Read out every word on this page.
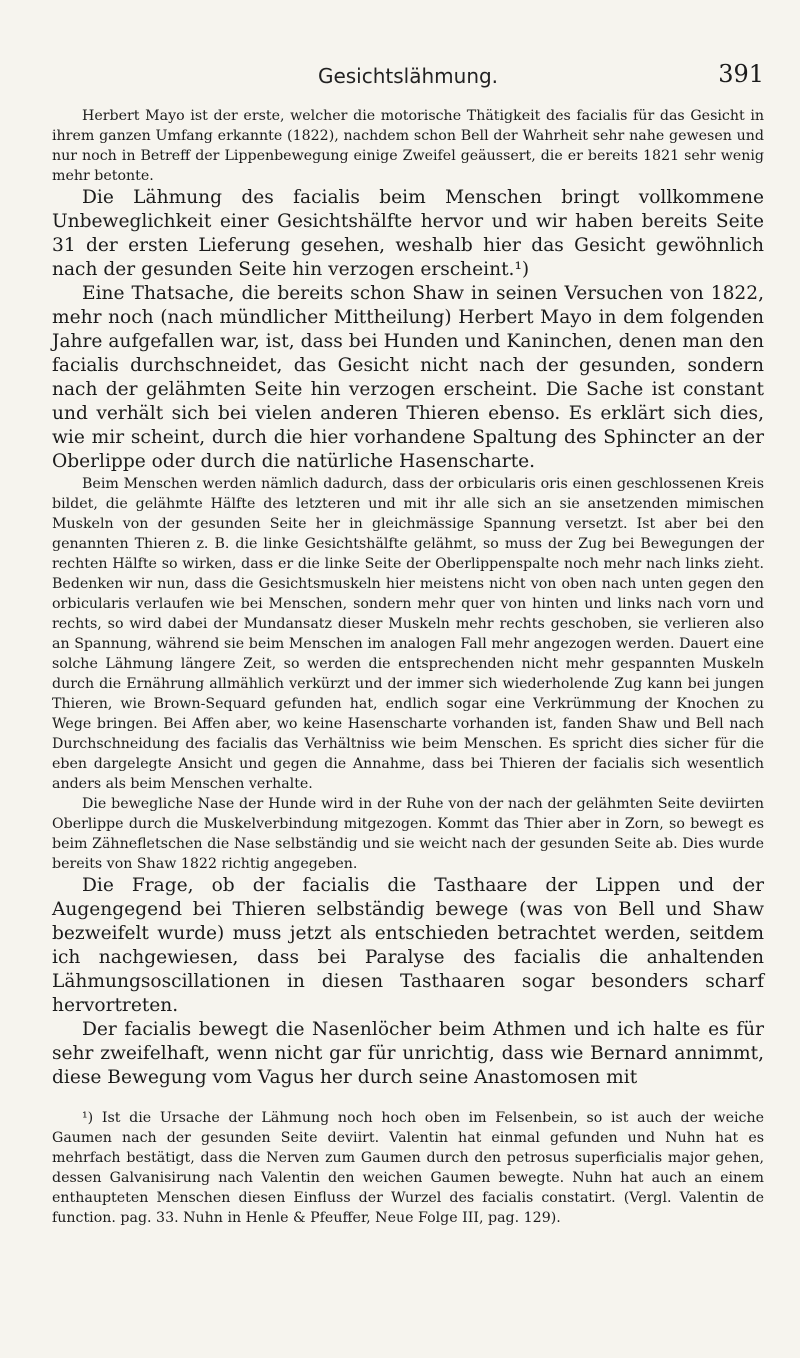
Gesichtslähmung.	391

Herbert Mayo ist der erste, welcher die motorische Thätigkeit des facialis für das Gesicht in ihrem ganzen Umfang erkannte (1822), nachdem schon Bell der Wahrheit sehr nahe gewesen und nur noch in Betreff der Lippenbewegung einige Zweifel geäussert, die er bereits 1821 sehr wenig mehr betonte.

Die Lähmung des facialis beim Menschen bringt vollkommene Unbeweglichkeit einer Gesichtshälfte hervor und wir haben bereits Seite 31 der ersten Lieferung gesehen, weshalb hier das Gesicht gewöhnlich nach der gesunden Seite hin verzogen erscheint.¹)

Eine Thatsache, die bereits schon Shaw in seinen Versuchen von 1822, mehr noch (nach mündlicher Mittheilung) Herbert Mayo in dem folgenden Jahre aufgefallen war, ist, dass bei Hunden und Kaninchen, denen man den facialis durchschneidet, das Gesicht nicht nach der gesunden, sondern nach der gelähmten Seite hin verzogen erscheint. Die Sache ist constant und verhält sich bei vielen anderen Thieren ebenso. Es erklärt sich dies, wie mir scheint, durch die hier vorhandene Spaltung des Sphincter an der Oberlippe oder durch die natürliche Hasenscharte.

Beim Menschen werden nämlich dadurch, dass der orbicularis oris einen geschlossenen Kreis bildet, die gelähmte Hälfte des letzteren und mit ihr alle sich an sie ansetzenden mimischen Muskeln von der gesunden Seite her in gleichmässige Spannung versetzt. Ist aber bei den genannten Thieren z. B. die linke Gesichtshälfte gelähmt, so muss der Zug bei Bewegungen der rechten Hälfte so wirken, dass er die linke Seite der Oberlippenspalte noch mehr nach links zieht. Bedenken wir nun, dass die Gesichtsmuskeln hier meistens nicht von oben nach unten gegen den orbicularis verlaufen wie bei Menschen, sondern mehr quer von hinten und links nach vorn und rechts, so wird dabei der Mundansatz dieser Muskeln mehr rechts geschoben, sie verlieren also an Spannung, während sie beim Menschen im analogen Fall mehr angezogen werden. Dauert eine solche Lähmung längere Zeit, so werden die entsprechenden nicht mehr gespannten Muskeln durch die Ernährung allmählich verkürzt und der immer sich wiederholende Zug kann bei jungen Thieren, wie Brown-Sequard gefunden hat, endlich sogar eine Verkrümmung der Knochen zu Wege bringen. Bei Affen aber, wo keine Hasenscharte vorhanden ist, fanden Shaw und Bell nach Durchschneidung des facialis das Verhältniss wie beim Menschen. Es spricht dies sicher für die eben dargelegte Ansicht und gegen die Annahme, dass bei Thieren der facialis sich wesentlich anders als beim Menschen verhalte.

Die bewegliche Nase der Hunde wird in der Ruhe von der nach der gelähmten Seite deviirten Oberlippe durch die Muskelverbindung mitgezogen. Kommt das Thier aber in Zorn, so bewegt es beim Zähnefletschen die Nase selbständig und sie weicht nach der gesunden Seite ab. Dies wurde bereits von Shaw 1822 richtig angegeben.

Die Frage, ob der facialis die Tasthaare der Lippen und der Augengegend bei Thieren selbständig bewege (was von Bell und Shaw bezweifelt wurde) muss jetzt als entschieden betrachtet werden, seitdem ich nachgewiesen, dass bei Paralyse des facialis die anhaltenden Lähmungsoscillationen in diesen Tasthaaren sogar besonders scharf hervortreten.

Der facialis bewegt die Nasenlöcher beim Athmen und ich halte es für sehr zweifelhaft, wenn nicht gar für unrichtig, dass wie Bernard annimmt, diese Bewegung vom Vagus her durch seine Anastomosen mit

¹) Ist die Ursache der Lähmung noch hoch oben im Felsenbein, so ist auch der weiche Gaumen nach der gesunden Seite deviirt. Valentin hat einmal gefunden und Nuhn hat es mehrfach bestätigt, dass die Nerven zum Gaumen durch den petrosus superficialis major gehen, dessen Galvanisirung nach Valentin den weichen Gaumen bewegte. Nuhn hat auch an einem enthaupteten Menschen diesen Einfluss der Wurzel des facialis constatirt. (Vergl. Valentin de function. pag. 33. Nuhn in Henle & Pfeuffer, Neue Folge III, pag. 129).
